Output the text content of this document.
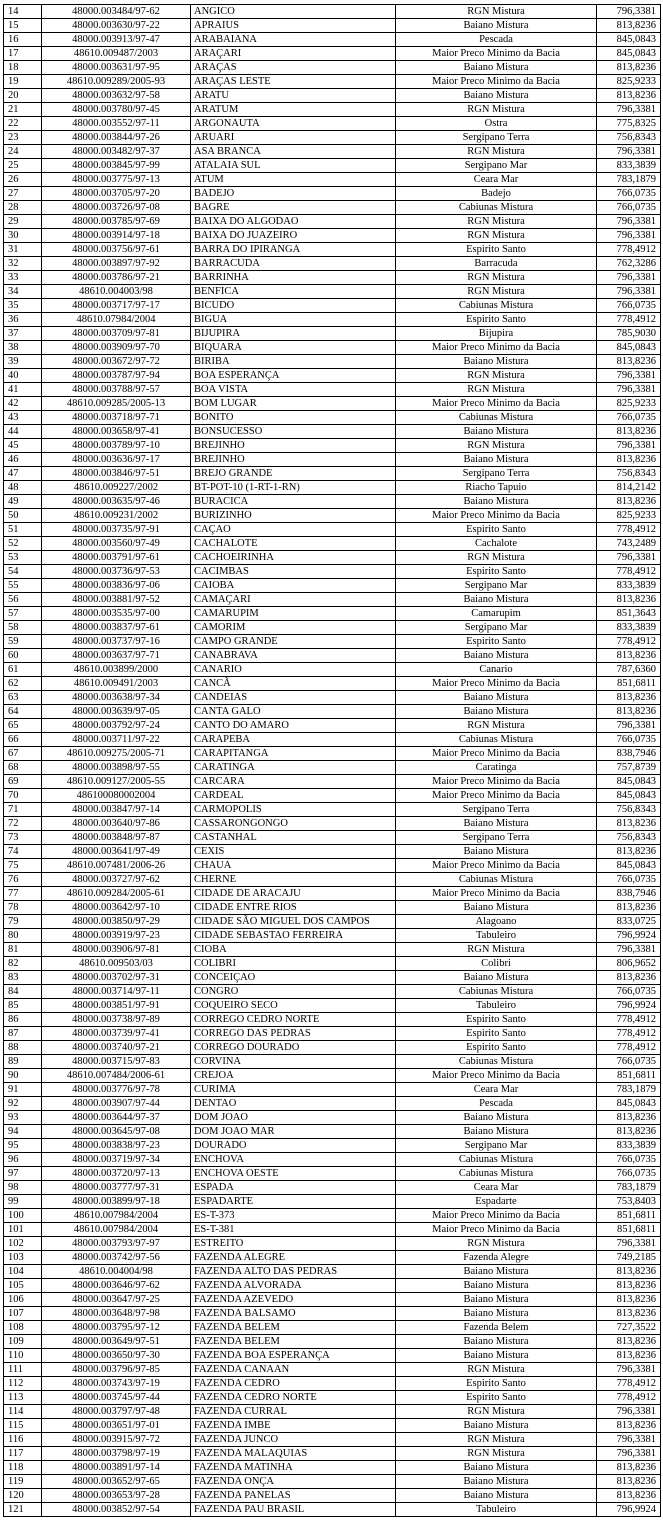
14	48000.003484/97-62	ANGICO	RGN Mistura	796,3381
15	48000.003630/97-22	APRAIUS	Baiano Mistura	813,8236
16	48000.003913/97-47	ARABAIANA	Pescada	845,0843
17	48610.009487/2003	ARAÇARI	Maior Preco Minimo da Bacia	845,0843
18	48000.003631/97-95	ARAÇAS	Baiano Mistura	813,8236
19	48610.009289/2005-93	ARAÇAS LESTE	Maior Preco Minimo da Bacia	825,9233
20	48000.003632/97-58	ARATU	Baiano Mistura	813,8236
21	48000.003780/97-45	ARATUM	RGN Mistura	796,3381
22	48000.003552/97-11	ARGONAUTA	Ostra	775,8325
23	48000.003844/97-26	ARUARI	Sergipano Terra	756,8343
24	48000.003482/97-37	ASA BRANCA	RGN Mistura	796,3381
25	48000.003845/97-99	ATALAIA SUL	Sergipano Mar	833,3839
26	48000.003775/97-13	ATUM	Ceara Mar	783,1879
27	48000.003705/97-20	BADEJO	Badejo	766,0735
28	48000.003726/97-08	BAGRE	Cabiunas Mistura	766,0735
29	48000.003785/97-69	BAIXA DO ALGODAO	RGN Mistura	796,3381
30	48000.003914/97-18	BAIXA DO JUAZEIRO	RGN Mistura	796,3381
31	48000.003756/97-61	BARRA DO IPIRANGA	Espirito Santo	778,4912
32	48000.003897/97-92	BARRACUDA	Barracuda	762,3286
33	48000.003786/97-21	BARRINHA	RGN Mistura	796,3381
34	48610.004003/98	BENFICA	RGN Mistura	796,3381
35	48000.003717/97-17	BICUDO	Cabiunas Mistura	766,0735
36	48610.07984/2004	BIGUA	Espirito Santo	778,4912
37	48000.003709/97-81	BIJUPIRA	Bijupira	785,9030
38	48000.003909/97-70	BIQUARA	Maior Preco Minimo da Bacia	845,0843
39	48000.003672/97-72	BIRIBA	Baiano Mistura	813,8236
40	48000.003787/97-94	BOA ESPERANÇA	RGN Mistura	796,3381
41	48000.003788/97-57	BOA VISTA	RGN Mistura	796,3381
42	48610.009285/2005-13	BOM LUGAR	Maior Preco Minimo da Bacia	825,9233
43	48000.003718/97-71	BONITO	Cabiunas Mistura	766,0735
44	48000.003658/97-41	BONSUCESSO	Baiano Mistura	813,8236
45	48000.003789/97-10	BREJINHO	RGN Mistura	796,3381
46	48000.003636/97-17	BREJINHO	Baiano Mistura	813,8236
47	48000.003846/97-51	BREJO GRANDE	Sergipano Terra	756,8343
48	48610.009227/2002	BT-POT-10 (1-RT-1-RN)	Riacho Tapuio	814,2142
49	48000.003635/97-46	BURACICA	Baiano Mistura	813,8236
50	48610.009231/2002	BURIZINHO	Maior Preco Minimo da Bacia	825,9233
51	48000.003735/97-91	CAÇAO	Espirito Santo	778,4912
52	48000.003560/97-49	CACHALOTE	Cachalote	743,2489
53	48000.003791/97-61	CACHOEIRINHA	RGN Mistura	796,3381
54	48000.003736/97-53	CACIMBAS	Espirito Santo	778,4912
55	48000.003836/97-06	CAIOBA	Sergipano Mar	833,3839
56	48000.003881/97-52	CAMAÇARI	Baiano Mistura	813,8236
57	48000.003535/97-00	CAMARUPIM	Camarupim	851,3643
58	48000.003837/97-61	CAMORIM	Sergipano Mar	833,3839
59	48000.003737/97-16	CAMPO GRANDE	Espirito Santo	778,4912
60	48000.003637/97-71	CANABRAVA	Baiano Mistura	813,8236
61	48610.003899/2000	CANARIO	Canario	787,6360
62	48610.009491/2003	CANCÃ	Maior Preco Minimo da Bacia	851,6811
63	48000.003638/97-34	CANDEIAS	Baiano Mistura	813,8236
64	48000.003639/97-05	CANTA GALO	Baiano Mistura	813,8236
65	48000.003792/97-24	CANTO DO AMARO	RGN Mistura	796,3381
66	48000.003711/97-22	CARAPEBA	Cabiunas Mistura	766,0735
67	48610.009275/2005-71	CARAPITANGA	Maior Preco Minimo da Bacia	838,7946
68	48000.003898/97-55	CARATINGA	Caratinga	757,8739
69	48610.009127/2005-55	CARCARA	Maior Preco Minimo da Bacia	845,0843
70	486100080002004	CARDEAL	Maior Preco Minimo da Bacia	845,0843
71	48000.003847/97-14	CARMOPOLIS	Sergipano Terra	756,8343
72	48000.003640/97-86	CASSARONGONGO	Baiano Mistura	813,8236
73	48000.003848/97-87	CASTANHAL	Sergipano Terra	756,8343
74	48000.003641/97-49	CEXIS	Baiano Mistura	813,8236
75	48610.007481/2006-26	CHAUA	Maior Preco Minimo da Bacia	845,0843
76	48000.003727/97-62	CHERNE	Cabiunas Mistura	766,0735
77	48610.009284/2005-61	CIDADE DE ARACAJU	Maior Preco Minimo da Bacia	838,7946
78	48000.003642/97-10	CIDADE ENTRE RIOS	Baiano Mistura	813,8236
79	48000.003850/97-29	CIDADE SÃO MIGUEL DOS CAMPOS	Alagoano	833,0725
80	48000.003919/97-23	CIDADE SEBASTAO FERREIRA	Tabuleiro	796,9924
81	48000.003906/97-81	CIOBA	RGN Mistura	796,3381
82	48610.009503/03	COLIBRI	Colibri	806,9652
83	48000.003702/97-31	CONCEIÇAO	Baiano Mistura	813,8236
84	48000.003714/97-11	CONGRO	Cabiunas Mistura	766,0735
85	48000.003851/97-91	COQUEIRO SECO	Tabuleiro	796,9924
86	48000.003738/97-89	CORREGO CEDRO NORTE	Espirito Santo	778,4912
87	48000.003739/97-41	CORREGO DAS PEDRAS	Espirito Santo	778,4912
88	48000.003740/97-21	CORREGO DOURADO	Espirito Santo	778,4912
89	48000.003715/97-83	CORVINA	Cabiunas Mistura	766,0735
90	48610.007484/2006-61	CREJOA	Maior Preco Minimo da Bacia	851,6811
91	48000.003776/97-78	CURIMA	Ceara Mar	783,1879
92	48000.003907/97-44	DENTAO	Pescada	845,0843
93	48000.003644/97-37	DOM JOAO	Baiano Mistura	813,8236
94	48000.003645/97-08	DOM JOAO MAR	Baiano Mistura	813,8236
95	48000.003838/97-23	DOURADO	Sergipano Mar	833,3839
96	48000.003719/97-34	ENCHOVA	Cabiunas Mistura	766,0735
97	48000.003720/97-13	ENCHOVA OESTE	Cabiunas Mistura	766,0735
98	48000.003777/97-31	ESPADA	Ceara Mar	783,1879
99	48000.003899/97-18	ESPADARTE	Espadarte	753,8403
100	48610.007984/2004	ES-T-373	Maior Preco Minimo da Bacia	851,6811
101	48610.007984/2004	ES-T-381	Maior Preco Minimo da Bacia	851,6811
102	48000.003793/97-97	ESTREITO	RGN Mistura	796,3381
103	48000.003742/97-56	FAZENDA ALEGRE	Fazenda Alegre	749,2185
104	48610.004004/98	FAZENDA ALTO DAS PEDRAS	Baiano Mistura	813,8236
105	48000.003646/97-62	FAZENDA ALVORADA	Baiano Mistura	813,8236
106	48000.003647/97-25	FAZENDA AZEVEDO	Baiano Mistura	813,8236
107	48000.003648/97-98	FAZENDA BALSAMO	Baiano Mistura	813,8236
108	48000.003795/97-12	FAZENDA BELEM	Fazenda Belem	727,3522
109	48000.003649/97-51	FAZENDA BELEM	Baiano Mistura	813,8236
110	48000.003650/97-30	FAZENDA BOA ESPERANÇA	Baiano Mistura	813,8236
111	48000.003796/97-85	FAZENDA CANAAN	RGN Mistura	796,3381
112	48000.003743/97-19	FAZENDA CEDRO	Espirito Santo	778,4912
113	48000.003745/97-44	FAZENDA CEDRO NORTE	Espirito Santo	778,4912
114	48000.003797/97-48	FAZENDA CURRAL	RGN Mistura	796,3381
115	48000.003651/97-01	FAZENDA IMBE	Baiano Mistura	813,8236
116	48000.003915/97-72	FAZENDA JUNCO	RGN Mistura	796,3381
117	48000.003798/97-19	FAZENDA MALAQUIAS	RGN Mistura	796,3381
118	48000.003891/97-14	FAZENDA MATINHA	Baiano Mistura	813,8236
119	48000.003652/97-65	FAZENDA ONÇA	Baiano Mistura	813,8236
120	48000.003653/97-28	FAZENDA PANELAS	Baiano Mistura	813,8236
121	48000.003852/97-54	FAZENDA PAU BRASIL	Tabuleiro	796,9924
